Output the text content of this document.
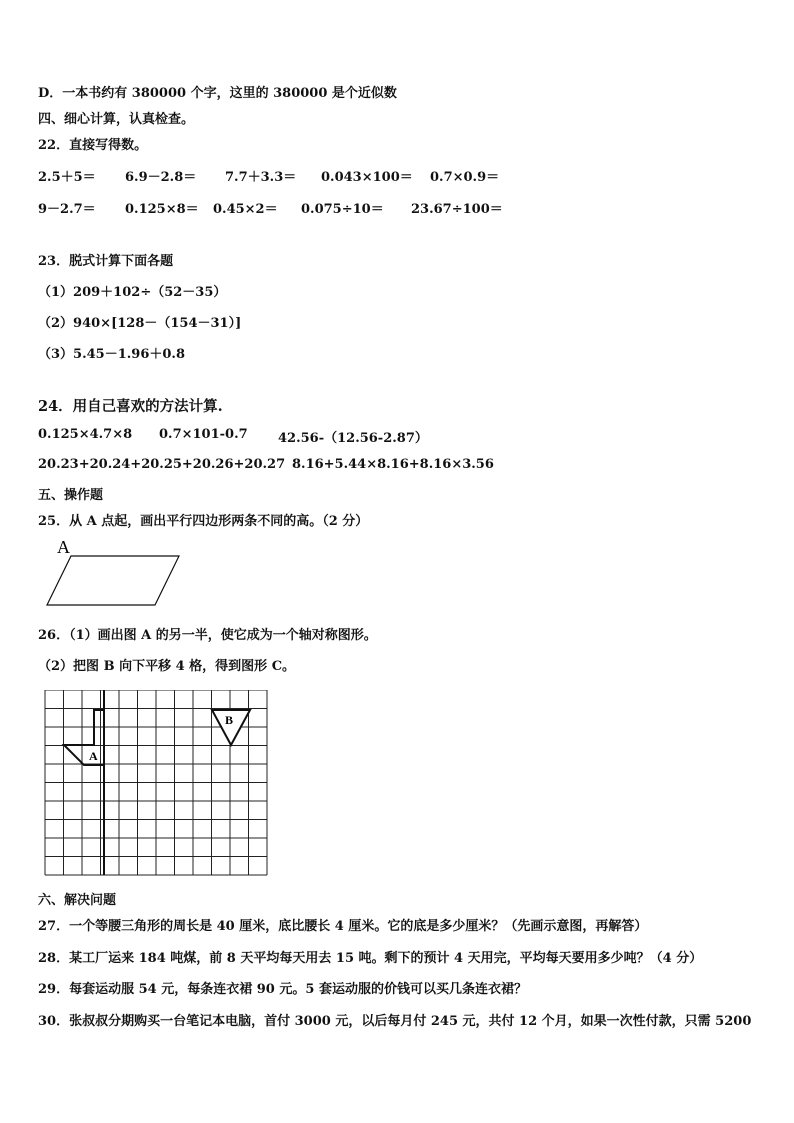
D．一本书约有 380000 个字，这里的 380000 是个近似数
四、细心计算，认真检查。
22．直接写得数。
2.5＋5＝ 6.9－2.8＝ 7.7＋3.3＝ 0.043×100＝ 0.7×0.9＝
9－2.7＝ 0.125×8＝ 0.45×2＝ 0.075÷10＝ 23.67÷100＝
23．脱式计算下面各题
（1）209＋102÷（52－35）
（2）940×[128－（154－31）]
（3）5.45－1.96＋0.8
24．用自己喜欢的方法计算.
0.125×4.7×8 0.7×101-0.7 42.56-（12.56-2.87）
20.23+20.24+20.25+20.26+20.27 8.16+5.44×8.16+8.16×3.56
五、操作题
25．从 A 点起，画出平行四边形两条不同的高。（2 分）
A
26．（1）画出图 A 的另一半，使它成为一个轴对称图形。
（2）把图 B 向下平移 4 格，得到图形 C。
A
B
六、解决问题
27．一个等腰三角形的周长是 40 厘米，底比腰长 4 厘米。它的底是多少厘米？（先画示意图，再解答）
28．某工厂运来 184 吨煤，前 8 天平均每天用去 15 吨。剩下的预计 4 天用完，平均每天要用多少吨？（4 分）
29．每套运动服 54 元，每条连衣裙 90 元。5 套运动服的价钱可以买几条连衣裙？
30．张叔叔分期购买一台笔记本电脑，首付 3000 元，以后每月付 245 元，共付 12 个月，如果一次性付款，只需 5200
